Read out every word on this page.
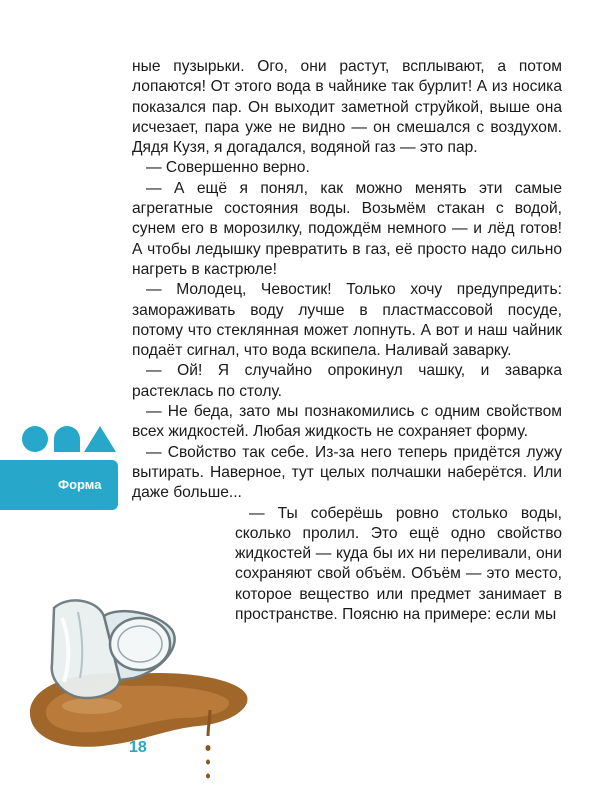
ные пузырьки. Ого, они растут, всплывают, а потом лопаются! От этого вода в чайнике так бурлит! А из носика показался пар. Он выходит заметной струйкой, выше она исчезает, пара уже не видно — он смешался с воздухом. Дядя Кузя, я догадался, водяной газ — это пар.

— Совершенно верно.

— А ещё я понял, как можно менять эти самые агрегатные состояния воды. Возьмём стакан с водой, сунем его в морозилку, подождём немного — и лёд готов! А чтобы ледышку превратить в газ, её просто надо сильно нагреть в кастрюле!

— Молодец, Чевостик! Только хочу предупредить: замораживать воду лучше в пластмассовой посуде, потому что стеклянная может лопнуть. А вот и наш чайник подаёт сигнал, что вода вскипела. Наливай заварку.

— Ой! Я случайно опрокинул чашку, и заварка растеклась по столу.

— Не беда, зато мы познакомились с одним свойством всех жидкостей. Любая жидкость не сохраняет форму.

— Свойство так себе. Из-за него теперь придётся лужу вытирать. Наверное, тут целых полчашки наберётся. Или даже больше...

— Ты соберёшь ровно столько воды, сколько пролил. Это ещё одно свойство жидкостей — куда бы их ни переливали, они сохраняют свой объём. Объём — это место, которое вещество или предмет занимает в пространстве. Поясню на примере: если мы

Форма
18
